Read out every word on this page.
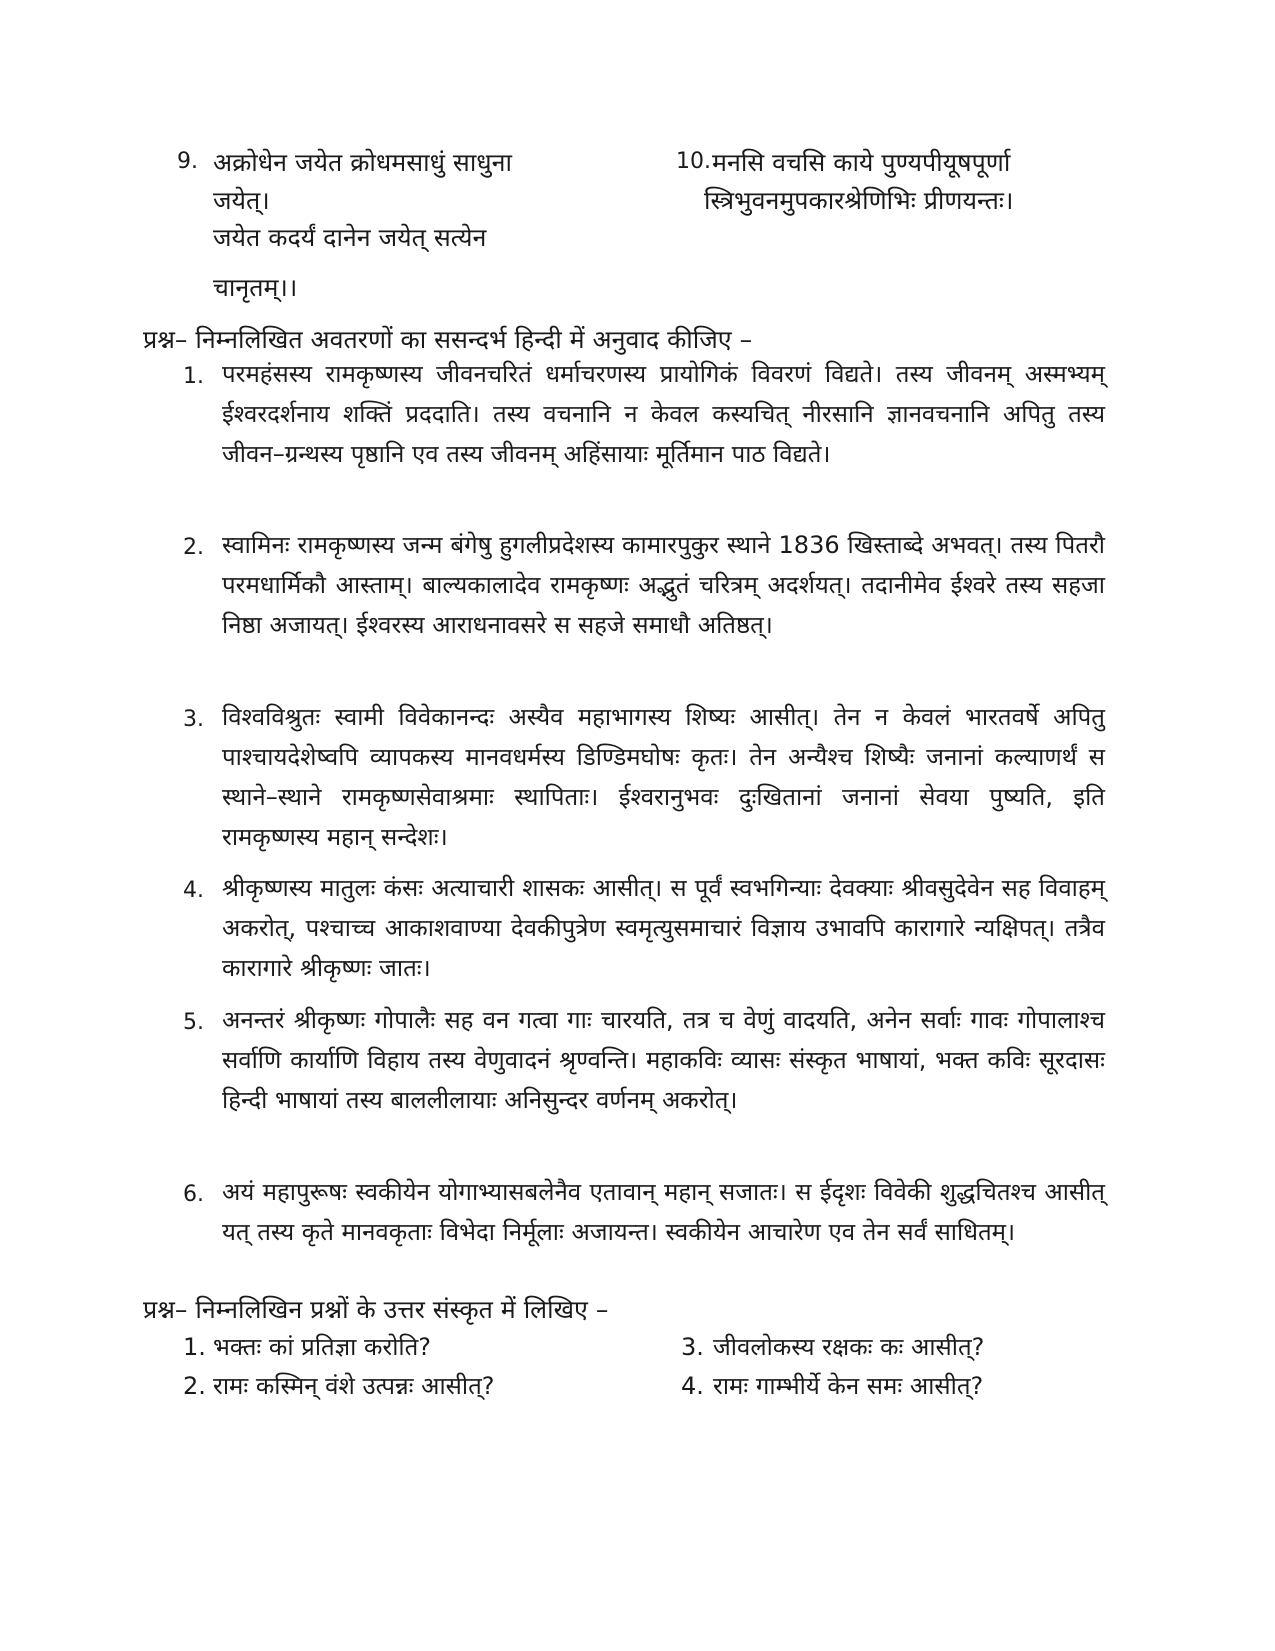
9. अक्रोधेन जयेत क्रोधमसाधुं साधुना
जयेत्।
जयेत कदर्यं दानेन जयेत् सत्येन
चानृतम्।।
10. मनसि वचसि काये पुण्यपीयूषपूर्णा
स्त्रिभुवनमुपकारश्रेणिभिः प्रीणयन्तः।
प्रश्न– निम्नलिखित अवतरणों का ससन्दर्भ हिन्दी में अनुवाद कीजिए –
1. परमहंसस्य रामकृष्णस्य जीवनचरितं धर्माचरणस्य प्रायोगिकं विवरणं विद्यते। तस्य जीवनम् अस्मभ्यम् ईश्वरदर्शनाय शक्तिं प्रददाति। तस्य वचनानि न केवल कस्यचित् नीरसानि ज्ञानवचनानि अपितु तस्य जीवन–ग्रन्थस्य पृष्ठानि एव तस्य जीवनम् अहिंसायाः मूर्तिमान पाठ विद्यते।
2. स्वामिनः रामकृष्णस्य जन्म बंगेषु हुगलीप्रदेशस्य कामारपुकुर स्थाने 1836 खिस्ताब्दे अभवत्। तस्य पितरौ परमधार्मिकौ आस्ताम्। बाल्यकालादेव रामकृष्णः अद्भुतं चरित्रम् अदर्शयत्। तदानीमेव ईश्वरे तस्य सहजा निष्ठा अजायत्। ईश्वरस्य आराधनावसरे स सहजे समाधौ अतिष्ठत्।
3. विश्वविश्रुतः स्वामी विवेकानन्दः अस्यैव महाभागस्य शिष्यः आसीत्। तेन न केवलं भारतवर्षे अपितु पाश्चायदेशेष्वपि व्यापकस्य मानवधर्मस्य डिण्डिमघोषः कृतः। तेन अन्यैश्च शिष्यैः जनानां कल्याणर्थं स स्थाने–स्थाने रामकृष्णसेवाश्रमाः स्थापिताः। ईश्वरानुभवः दुःखितानां जनानां सेवया पुष्यति, इति रामकृष्णस्य महान् सन्देशः।
4. श्रीकृष्णस्य मातुलः कंसः अत्याचारी शासकः आसीत्। स पूर्वं स्वभगिन्याः देवक्याः श्रीवसुदेवेन सह विवाहम् अकरोत्, पश्चाच्च आकाशवाण्या देवकीपुत्रेण स्वमृत्युसमाचारं विज्ञाय उभावपि कारागारे न्यक्षिपत्। तत्रैव कारागारे श्रीकृष्णः जातः।
5. अनन्तरं श्रीकृष्णः गोपालैः सह वन गत्वा गाः चारयति, तत्र च वेणुं वादयति, अनेन सर्वाः गावः गोपालाश्च सर्वाणि कार्याणि विहाय तस्य वेणुवादनं श्रृण्वन्ति। महाकविः व्यासः संस्कृत भाषायां, भक्त कविः सूरदासः हिन्दी भाषायां तस्य बाललीलायाः अनिसुन्दर वर्णनम् अकरोत्।
6. अयं महापुरूषः स्वकीयेन योगाभ्यासबलेनैव एतावान् महान् सजातः। स ईदृशः विवेकी शुद्धचितश्च आसीत् यत् तस्य कृते मानवकृताः विभेदा निर्मूलाः अजायन्त। स्वकीयेन आचारेण एव तेन सर्वं साधितम्।
प्रश्न– निम्नलिखिन प्रश्नों के उत्तर संस्कृत में लिखिए –
1. भक्तः कां प्रतिज्ञा करोति?
2. रामः कस्मिन् वंशे उत्पन्नः आसीत्?
3. जीवलोकस्य रक्षकः कः आसीत्?
4. रामः गाम्भीर्ये केन समः आसीत्?
